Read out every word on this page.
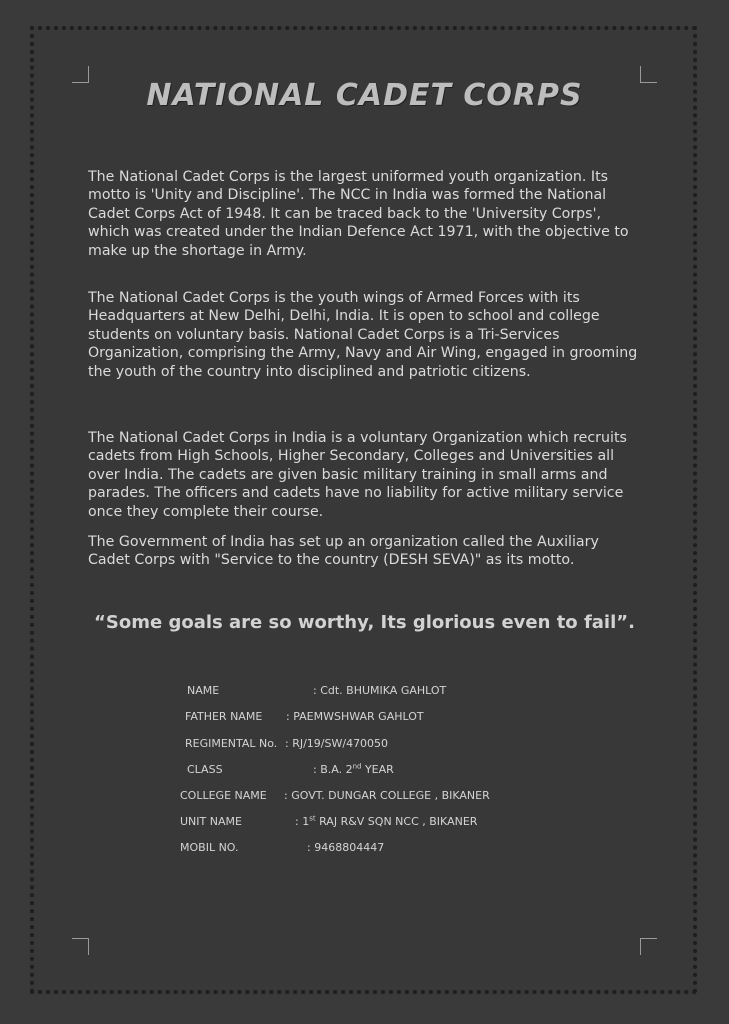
NATIONAL CADET CORPS

The National Cadet Corps is the largest uniformed youth organization. Its motto is 'Unity and Discipline'. The NCC in India was formed the National Cadet Corps Act of 1948. It can be traced back to the 'University Corps', which was created under the Indian Defence Act 1971, with the objective to make up the shortage in Army.

The National Cadet Corps is the youth wings of Armed Forces with its Headquarters at New Delhi, Delhi, India. It is open to school and college students on voluntary basis. National Cadet Corps is a Tri-Services Organization, comprising the Army, Navy and Air Wing, engaged in grooming the youth of the country into disciplined and patriotic citizens.

The National Cadet Corps in India is a voluntary Organization which recruits cadets from High Schools, Higher Secondary, Colleges and Universities all over India. The cadets are given basic military training in small arms and parades. The officers and cadets have no liability for active military service once they complete their course.

The Government of India has set up an organization called the Auxiliary Cadet Corps with "Service to the country (DESH SEVA)" as its motto.

“Some goals are so worthy, Its glorious even to fail”.

NAME	: Cdt. BHUMIKA GAHLOT
FATHER NAME : PAEMWSHWAR GAHLOT
REGIMENTAL No. : RJ/19/SW/470050
CLASS	: B.A. 2nd YEAR
COLLEGE NAME : GOVT. DUNGAR COLLEGE , BIKANER
UNIT NAME	: 1st RAJ R&V SQN NCC , BIKANER
MOBIL NO.	: 9468804447
